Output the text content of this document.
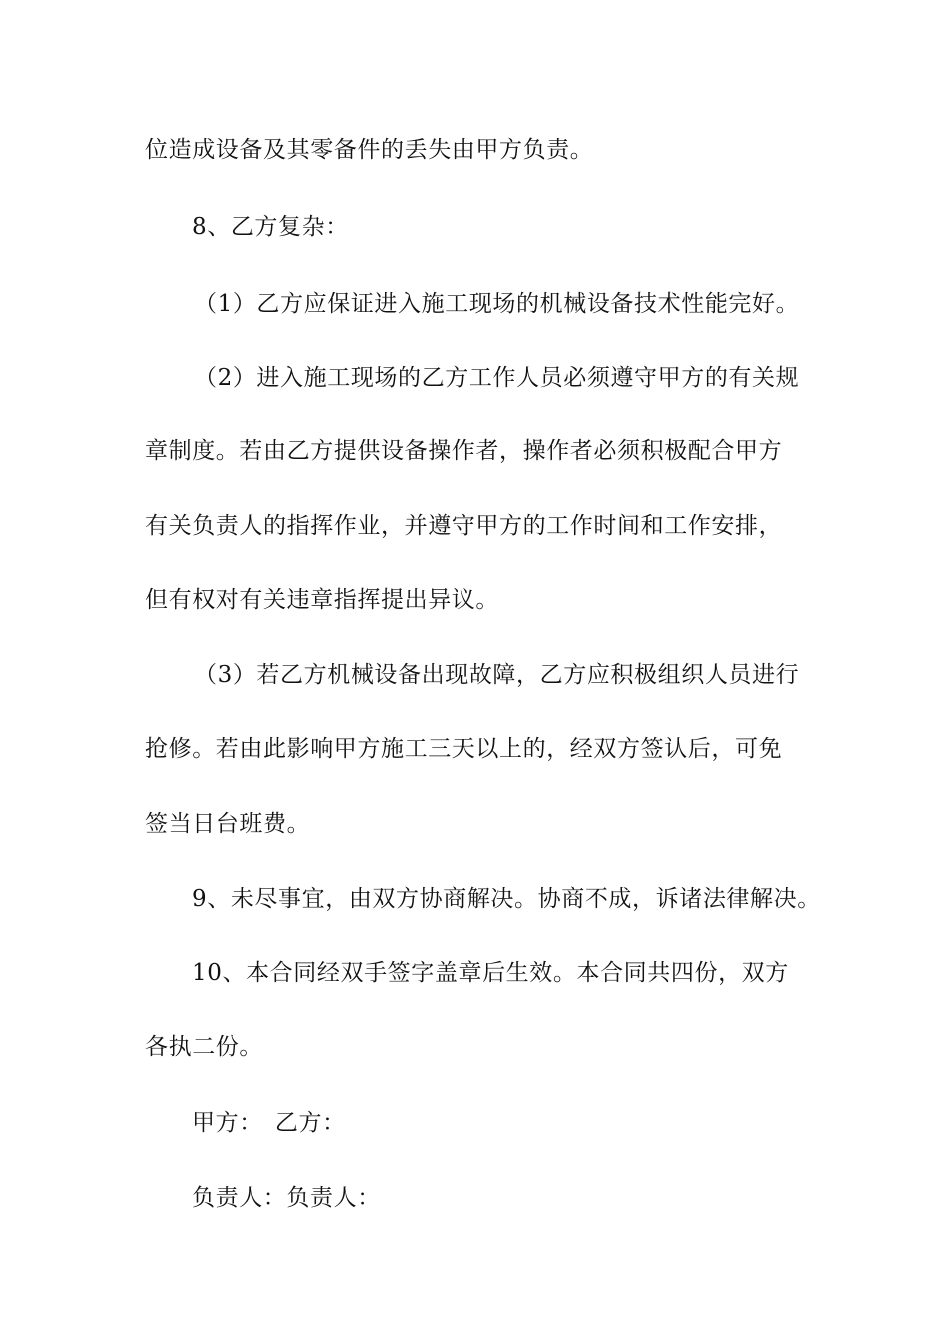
位造成设备及其零备件的丢失由甲方负责。
8、乙方复杂：
（1）乙方应保证进入施工现场的机械设备技术性能完好。
（2）进入施工现场的乙方工作人员必须遵守甲方的有关规
章制度。若由乙方提供设备操作者，操作者必须积极配合甲方
有关负责人的指挥作业，并遵守甲方的工作时间和工作安排，
但有权对有关违章指挥提出异议。
（3）若乙方机械设备出现故障，乙方应积极组织人员进行
抢修。若由此影响甲方施工三天以上的，经双方签认后，可免
签当日台班费。
9、未尽事宜，由双方协商解决。协商不成，诉诸法律解决。
10、本合同经双手签字盖章后生效。本合同共四份，双方
各执二份。
甲方：　乙方：
负责人：负责人：
